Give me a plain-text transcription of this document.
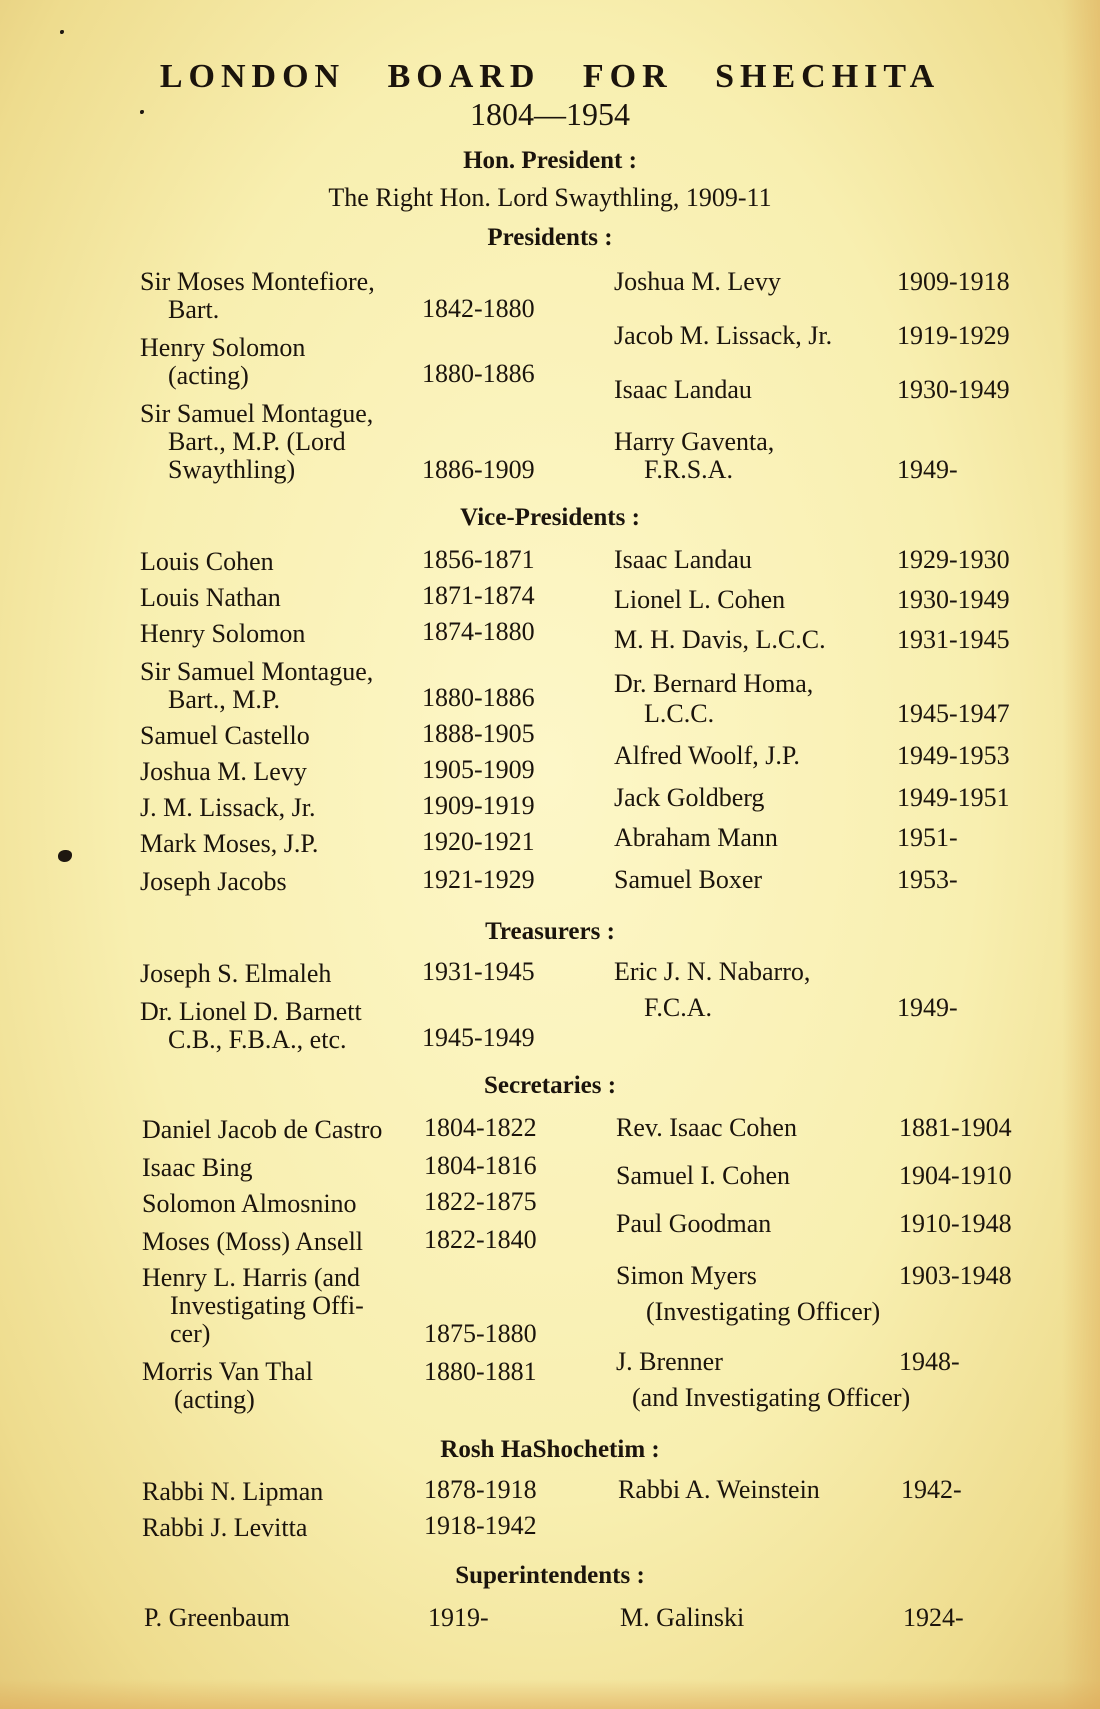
LONDON BOARD FOR SHECHITA
1804—1954
Hon. President :
The Right Hon. Lord Swaythling, 1909-11
Presidents :
Sir Moses Montefiore,
Bart.	1842-1880
Henry Solomon
(acting)	1880-1886
Sir Samuel Montague,
Bart., M.P. (Lord
Swaythling)	1886-1909
Joshua M. Levy	1909-1918
Jacob M. Lissack, Jr. 1919-1929
Isaac Landau	1930-1949
Harry Gaventa,
F.R.S.A.	1949-
Vice-Presidents :
Louis Cohen	1856-1871
Louis Nathan	1871-1874
Henry Solomon	1874-1880
Sir Samuel Montague,
Bart., M.P.	1880-1886
Samuel Castello	1888-1905
Joshua M. Levy	1905-1909
J. M. Lissack, Jr.	1909-1919
Mark Moses, J.P.	1920-1921
Joseph Jacobs	1921-1929
Isaac Landau	1929-1930
Lionel L. Cohen	1930-1949
M. H. Davis, L.C.C.	1931-1945
Dr. Bernard Homa,
L.C.C.	1945-1947
Alfred Woolf, J.P.	1949-1953
Jack Goldberg	1949-1951
Abraham Mann	1951-
Samuel Boxer	1953-
Treasurers :
Joseph S. Elmaleh	1931-1945
Dr. Lionel D. Barnett
C.B., F.B.A., etc.	1945-1949
Eric J. N. Nabarro,
F.C.A.	1949-
Secretaries :
Daniel Jacob de Castro 1804-1822
Isaac Bing	1804-1816
Solomon Almosnino	1822-1875
Moses (Moss) Ansell 1822-1840
Henry L. Harris (and
Investigating Offi-
cer)	1875-1880
Morris Van Thal
(acting)
1880-1881
Rev. Isaac Cohen	1881-1904
Samuel I. Cohen	1904-1910
Paul Goodman	1910-1948
Simon Myers
(Investigating Officer)
1903-1948
J. Brenner
(and Investigating Officer)
1948-
Rosh HaShochetim :
Rabbi N. Lipman	1878-1918
Rabbi J. Levitta	1918-1942
Rabbi A. Weinstein	1942-
Superintendents :
P. Greenbaum	1919-	M. Galinski	1924-
